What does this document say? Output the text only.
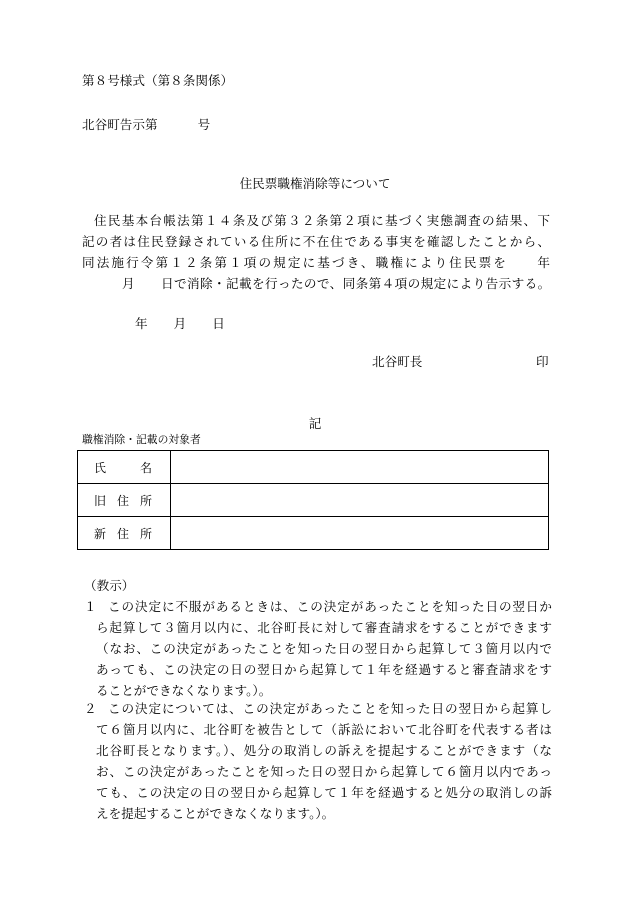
第８号様式（第８条関係）
北谷町告示第	号
住民票職権消除等について
住民基本台帳法第１４条及び第３２条第２項に基づく実態調査の結果、下
記の者は住民登録されている住所に不在住である事実を確認したことから、
同法施行令第１２条第１項の規定に基づき、職権により住民票を　　年
月　　日で消除・記載を行ったので、同条第４項の規定により告示する。
年 月 日
北谷町長	印
記
職権消除・記載の対象者
氏名	

旧住所	

新住所	

（教示）
１ この決定に不服があるときは、この決定があったことを知った日の翌日か
ら起算して３箇月以内に、北谷町長に対して審査請求をすることができます
（なお、この決定があったことを知った日の翌日から起算して３箇月以内で
あっても、この決定の日の翌日から起算して１年を経過すると審査請求をす
ることができなくなります。）。
２ この決定については、この決定があったことを知った日の翌日から起算し
て６箇月以内に、北谷町を被告として（訴訟において北谷町を代表する者は
北谷町長となります。）、処分の取消しの訴えを提起することができます（な
お、この決定があったことを知った日の翌日から起算して６箇月以内であっ
ても、この決定の日の翌日から起算して１年を経過すると処分の取消しの訴
えを提起することができなくなります。）。
